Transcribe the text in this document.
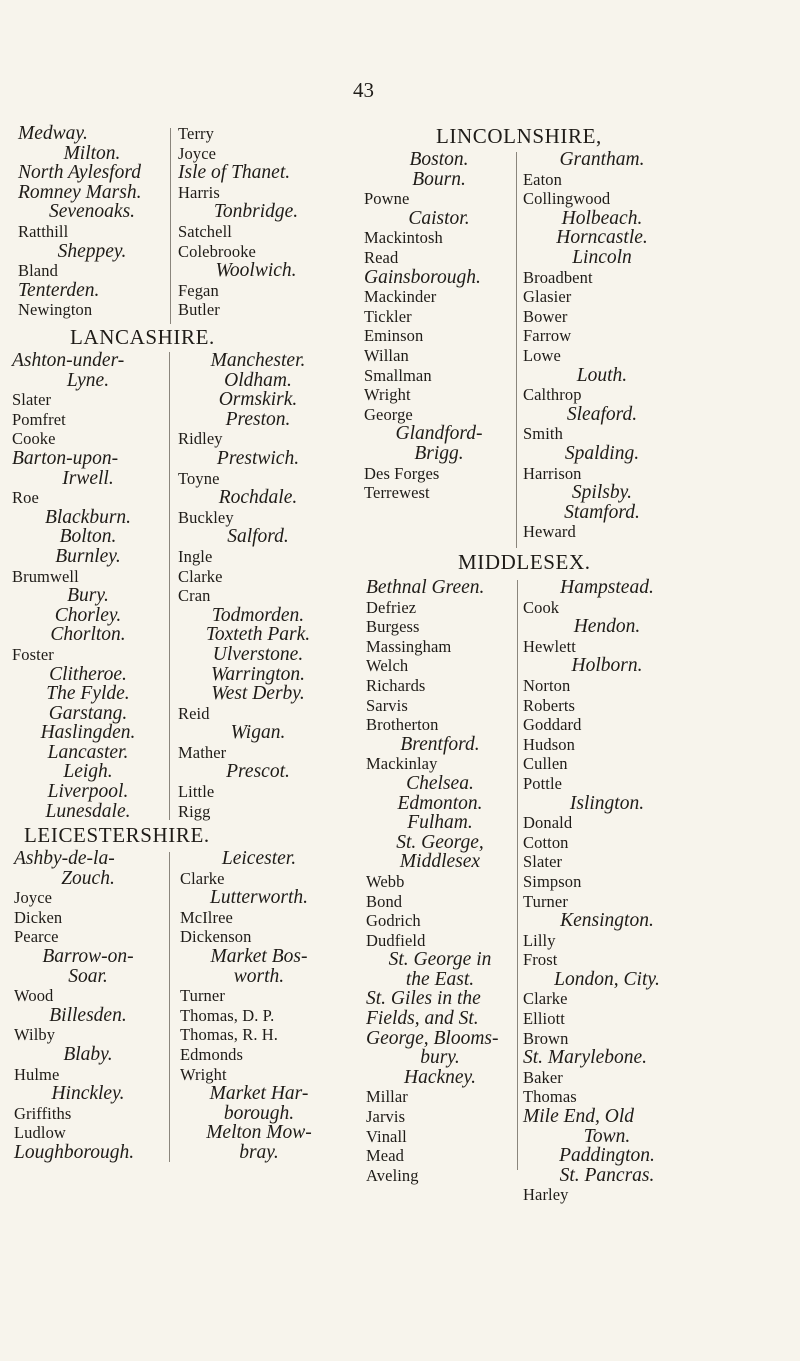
43
Medway.
Milton.
North Aylesford
Romney Marsh.
Sevenoaks.
Ratthill
Sheppey.
Bland
Tenterden.
Newington
Terry
Joyce
Isle of Thanet.
Harris
Tonbridge.
Satchell
Colebrooke
Woolwich.
Fegan
Butler
LANCASHIRE.
Ashton-under-
Lyne.
Slater
Pomfret
Cooke
Barton-upon-
Irwell.
Roe
Blackburn.
Bolton.
Burnley.
Brumwell
Bury.
Chorley.
Chorlton.
Foster
Clitheroe.
The Fylde.
Garstang.
Haslingden.
Lancaster.
Leigh.
Liverpool.
Lunesdale.
Manchester.
Oldham.
Ormskirk.
Preston.
Ridley
Prestwich.
Toyne
Rochdale.
Buckley
Salford.
Ingle
Clarke
Cran
Todmorden.
Toxteth Park.
Ulverstone.
Warrington.
West Derby.
Reid
Wigan.
Mather
Prescot.
Little
Rigg
LEICESTERSHIRE.
Ashby-de-la-
Zouch.
Joyce
Dicken
Pearce
Barrow-on-
Soar.
Wood
Billesden.
Wilby
Blaby.
Hulme
Hinckley.
Griffiths
Ludlow
Loughborough.
Leicester.
Clarke
Lutterworth.
McIlree
Dickenson
Market Bos-
worth.
Turner
Thomas, D. P.
Thomas, R. H.
Edmonds
Wright
Market Har-
borough.
Melton Mow-
bray.
LINCOLNSHIRE,
Boston.
Bourn.
Powne
Caistor.
Mackintosh
Read
Gainsborough.
Mackinder
Tickler
Eminson
Willan
Smallman
Wright
George
Glandford-
Brigg.
Des Forges
Terrewest
Grantham.
Eaton
Collingwood
Holbeach.
Horncastle.
Lincoln
Broadbent
Glasier
Bower
Farrow
Lowe
Louth.
Calthrop
Sleaford.
Smith
Spalding.
Harrison
Spilsby.
Stamford.
Heward
MIDDLESEX.
Bethnal Green.
Defriez
Burgess
Massingham
Welch
Richards
Sarvis
Brotherton
Brentford.
Mackinlay
Chelsea.
Edmonton.
Fulham.
St. George,
Middlesex
Webb
Bond
Godrich
Dudfield
St. George in
the East.
St. Giles in the
Fields, and St.
George, Blooms-
bury.
Hackney.
Millar
Jarvis
Vinall
Mead
Aveling
Hampstead.
Cook
Hendon.
Hewlett
Holborn.
Norton
Roberts
Goddard
Hudson
Cullen
Pottle
Islington.
Donald
Cotton
Slater
Simpson
Turner
Kensington.
Lilly
Frost
London, City.
Clarke
Elliott
Brown
St. Marylebone.
Baker
Thomas
Mile End, Old
Town.
Paddington.
St. Pancras.
Harley
